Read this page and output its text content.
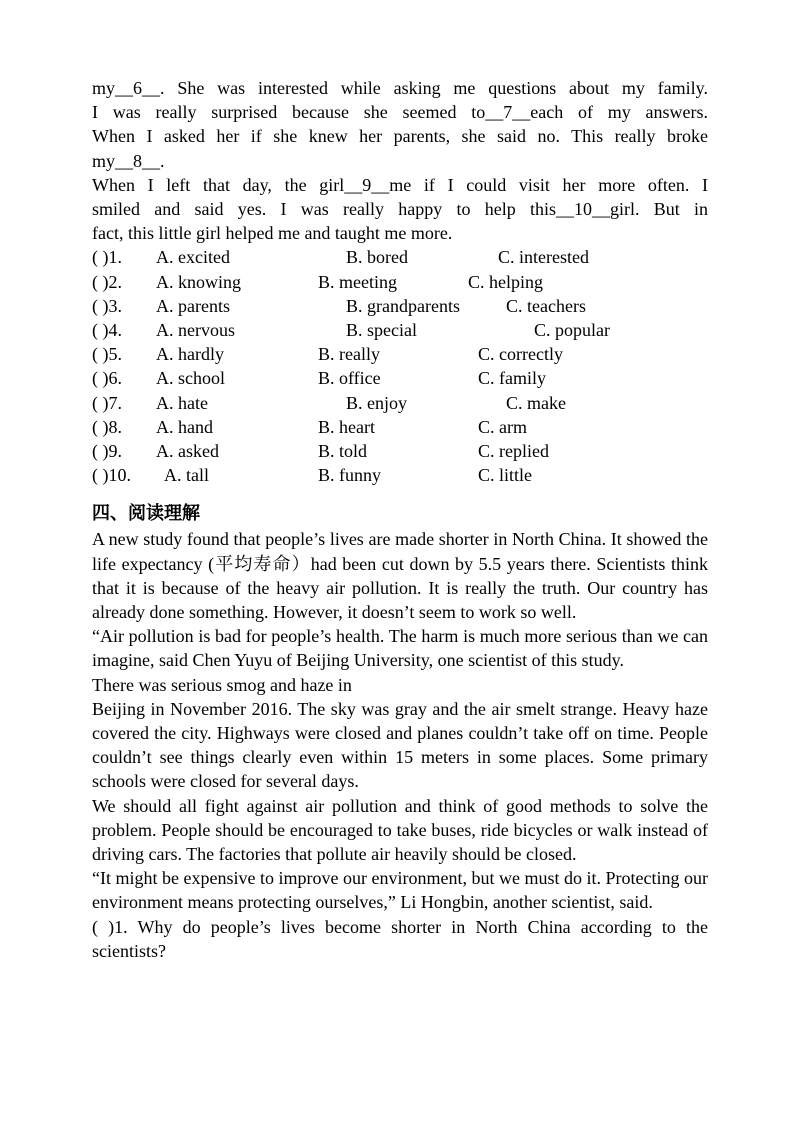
my__6__. She was interested while asking me questions about my family.

I was really surprised because she seemed to__7__each of my answers.

When I asked her if she knew her parents, she said no. This really broke

my__8__.

When I left that day, the girl__9__me if I could visit her more often. I

smiled and said yes. I was really happy to help this__10__girl. But in

fact, this little girl helped me and taught me more.

( )1. A. excited	B. bored	C. interested
( )2. A. knowing	B. meeting	C. helping
( )3. A. parents	B. grandparents	C. teachers
( )4. A. nervous	B. special	C. popular
( )5. A. hardly	B. really	C. correctly
( )6. A. school	B. office	C. family
( )7. A. hate	B. enjoy	C. make
( )8. A. hand	B. heart	C. arm
( )9. A. asked	B. told	C. replied
( )10. A. tall	B. funny	C. little
四、阅读理解

A new study found that people’s lives are made shorter in North China. It showed the life expectancy (平均寿命）had been cut down by 5.5 years there. Scientists think that it is because of the heavy air pollution. It is really the truth. Our country has already done something. However, it doesn’t seem to work so well.

“Air pollution is bad for people’s health. The harm is much more serious than we can imagine, said Chen Yuyu of Beijing University, one scientist of this study.

There was serious smog and haze in

Beijing in November 2016. The sky was gray and the air smelt strange. Heavy haze covered the city. Highways were closed and planes couldn’t take off on time. People couldn’t see things clearly even within 15 meters in some places. Some primary schools were closed for several days.

We should all fight against air pollution and think of good methods to solve the problem. People should be encouraged to take buses, ride bicycles or walk instead of driving cars. The factories that pollute air heavily should be closed.

“It might be expensive to improve our environment, but we must do it. Protecting our environment means protecting ourselves,” Li Hongbin, another scientist, said.

( )1. Why do people’s lives become shorter in North China according to the scientists?
